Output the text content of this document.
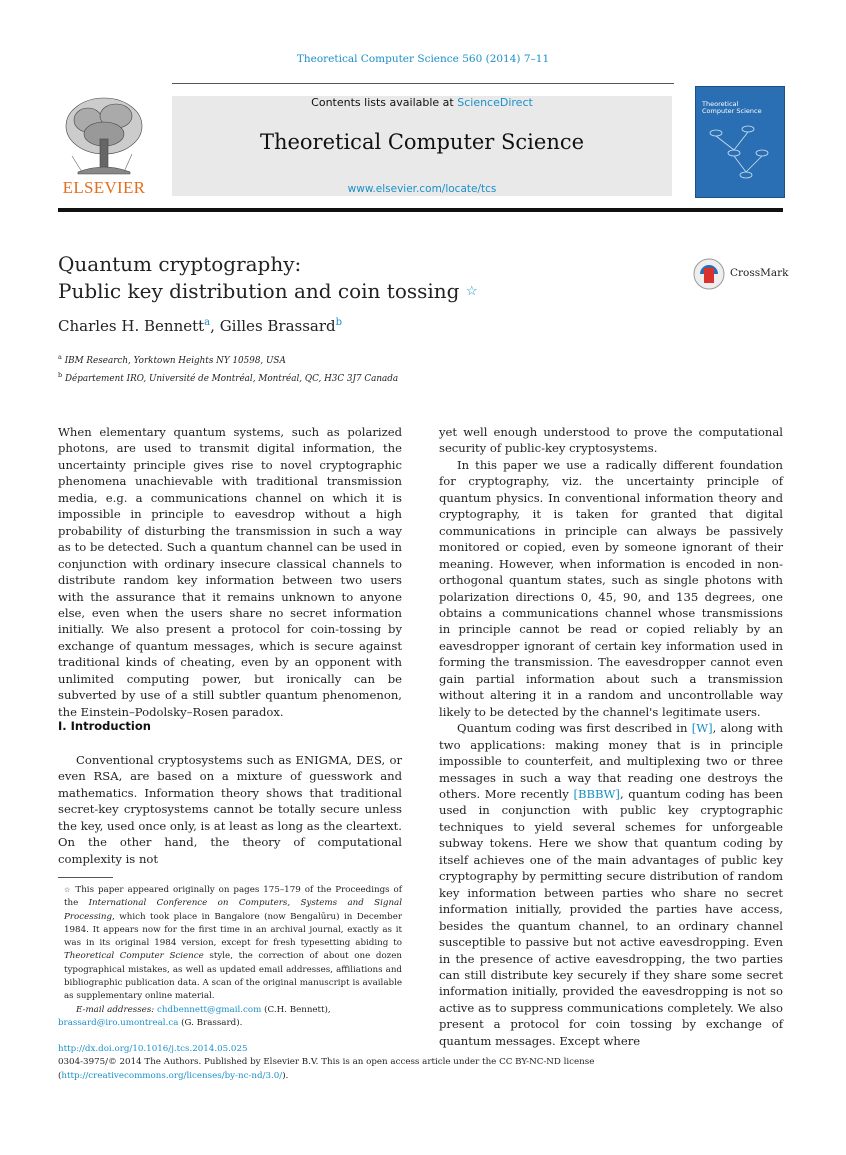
Theoretical Computer Science 560 (2014) 7–11
ELSEVIER
Contents lists available at ScienceDirect
Theoretical Computer Science
www.elsevier.com/locate/tcs
Theoretical
Computer Science
Quantum cryptography:
Public key distribution and coin tossing ☆
CrossMark
Charles H. Bennett$^a$, Gilles Brassard$^b$
$^a$ IBM Research, Yorktown Heights NY 10598, USA
$^b$ Département IRO, Université de Montréal, Montréal, QC, H3C 3J7 Canada

When elementary quantum systems, such as polarized photons, are used to transmit digital information, the uncertainty principle gives rise to novel cryptographic phenomena unachievable with traditional transmission media, e.g. a communications channel on which it is impossible in principle to eavesdrop without a high probability of disturbing the transmission in such a way as to be detected. Such a quantum channel can be used in conjunction with ordinary insecure classical channels to distribute random key information between two users with the assurance that it remains unknown to anyone else, even when the users share no secret information initially. We also present a protocol for coin-tossing by exchange of quantum messages, which is secure against traditional kinds of cheating, even by an opponent with unlimited computing power, but ironically can be subverted by use of a still subtler quantum phenomenon, the Einstein–Podolsky–Rosen paradox.

I. Introduction

Conventional cryptosystems such as ENIGMA, DES, or even RSA, are based on a mixture of guesswork and mathematics. Information theory shows that traditional secret-key cryptosystems cannot be totally secure unless the key, used once only, is at least as long as the cleartext. On the other hand, the theory of computational complexity is not

☆ This paper appeared originally on pages 175–179 of the Proceedings of the International Conference on Computers, Systems and Signal Processing, which took place in Bangalore (now Bengalūru) in December 1984. It appears now for the first time in an archival journal, exactly as it was in its original 1984 version, except for fresh typesetting abiding to Theoretical Computer Science style, the correction of about one dozen typographical mistakes, as well as updated email addresses, affiliations and bibliographic publication data. A scan of the original manuscript is available as supplementary online material.
E-mail addresses: chdbennett@gmail.com (C.H. Bennett),
brassard@iro.umontreal.ca (G. Brassard).

yet well enough understood to prove the computational security of public-key cryptosystems.

In this paper we use a radically different foundation for cryptography, viz. the uncertainty principle of quantum physics. In conventional information theory and cryptography, it is taken for granted that digital communications in principle can always be passively monitored or copied, even by someone ignorant of their meaning. However, when information is encoded in non-orthogonal quantum states, such as single photons with polarization directions 0, 45, 90, and 135 degrees, one obtains a communications channel whose transmissions in principle cannot be read or copied reliably by an eavesdropper ignorant of certain key information used in forming the transmission. The eavesdropper cannot even gain partial information about such a transmission without altering it in a random and uncontrollable way likely to be detected by the channel's legitimate users.

Quantum coding was first described in [W], along with two applications: making money that is in principle impossible to counterfeit, and multiplexing two or three messages in such a way that reading one destroys the others. More recently [BBBW], quantum coding has been used in conjunction with public key cryptographic techniques to yield several schemes for unforgeable subway tokens. Here we show that quantum coding by itself achieves one of the main advantages of public key cryptography by permitting secure distribution of random key information between parties who share no secret information initially, provided the parties have access, besides the quantum channel, to an ordinary channel susceptible to passive but not active eavesdropping. Even in the presence of active eavesdropping, the two parties can still distribute key securely if they share some secret information initially, provided the eavesdropping is not so active as to suppress communications completely. We also present a protocol for coin tossing by exchange of quantum messages. Except where

http://dx.doi.org/10.1016/j.tcs.2014.05.025
0304-3975/© 2014 The Authors. Published by Elsevier B.V. This is an open access article under the CC BY-NC-ND license
(http://creativecommons.org/licenses/by-nc-nd/3.0/).
